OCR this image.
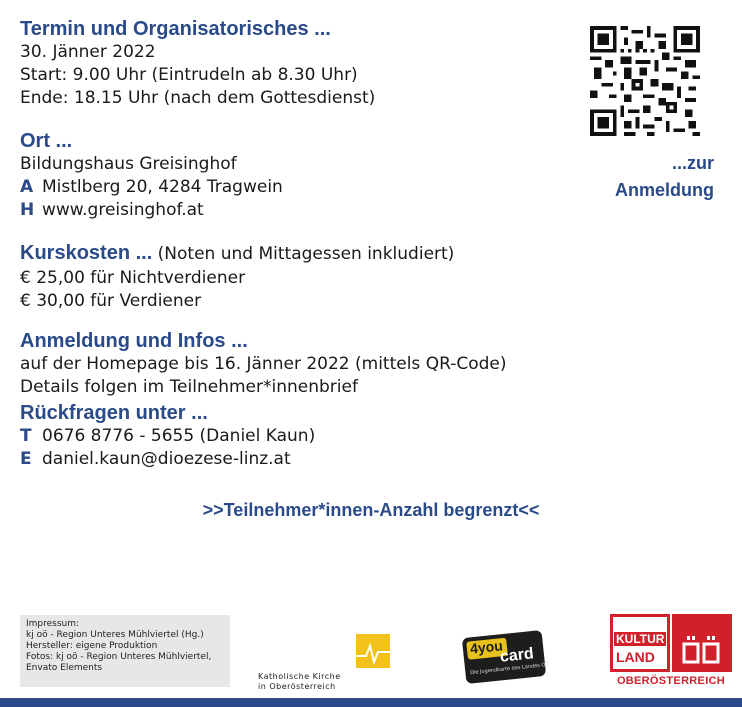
Termin und Organisatorisches ...
30. Jänner 2022
Start: 9.00 Uhr (Eintrudeln ab 8.30 Uhr)
Ende: 18.15 Uhr (nach dem Gottesdienst)
Ort ...
Bildungshaus Greisinghof
A Mistlberg 20, 4284 Tragwein
H www.greisinghof.at
Kurskosten ... (Noten und Mittagessen inkludiert)
€ 25,00 für Nichtverdiener
€ 30,00 für Verdiener
Anmeldung und Infos ...
auf der Homepage bis 16. Jänner 2022 (mittels QR-Code)
Details folgen im Teilnehmer*innenbrief
Rückfragen unter ...
T 0676 8776 - 5655 (Daniel Kaun)
E daniel.kaun@dioezese-linz.at
...zur
Anmeldung
>>Teilnehmer*innen-Anzahl begrenzt<<
Impressum:
kj oö - Region Unteres Mühlviertel (Hg.)
Hersteller: eigene Produktion
Fotos: kj oö - Region Unteres Mühlviertel,
Envato Elements
Katholische Kirche
in Oberösterreich
4you
card
Die Jugendkarte des Landes OÖ
KULTUR
LAND
OBERÖSTERREICH
